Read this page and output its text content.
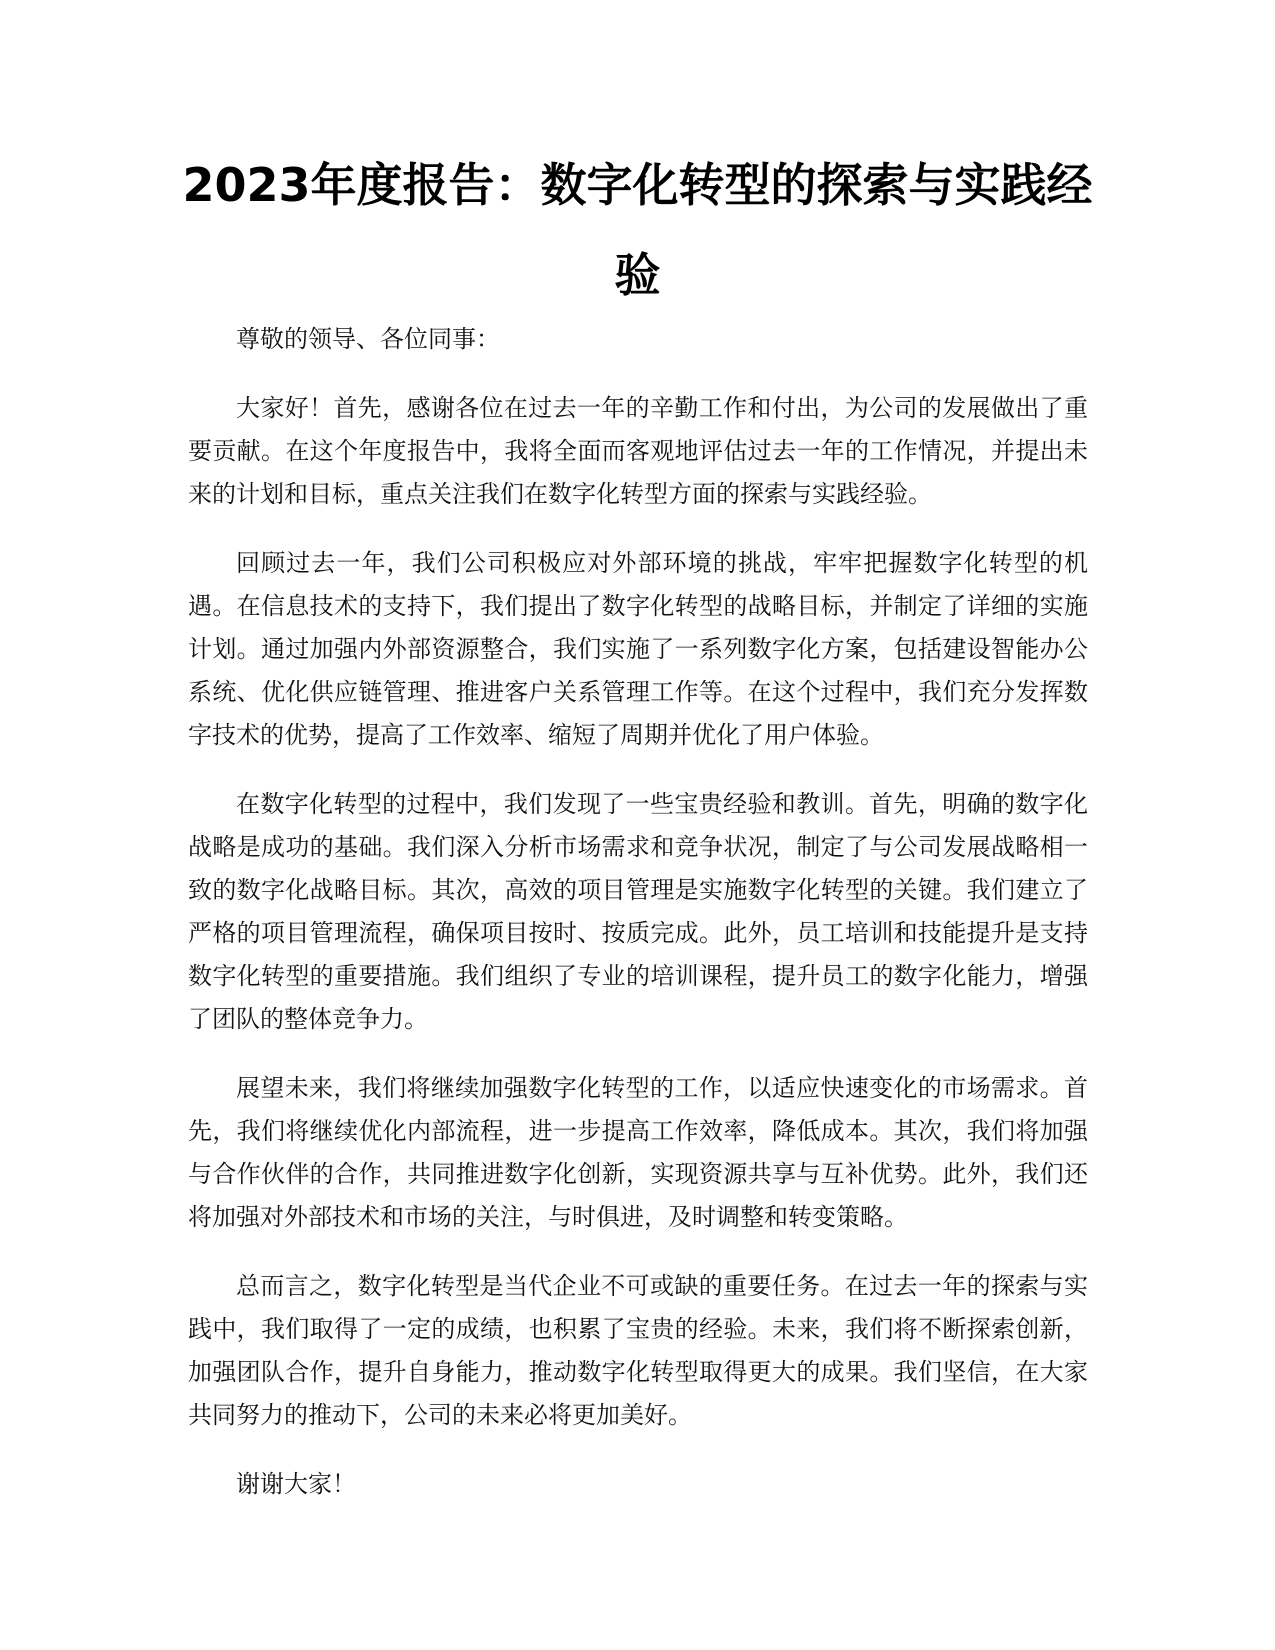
2023年度报告：数字化转型的探索与实践经验

尊敬的领导、各位同事：

大家好！首先，感谢各位在过去一年的辛勤工作和付出，为公司的发展做出了重要贡献。在这个年度报告中，我将全面而客观地评估过去一年的工作情况，并提出未来的计划和目标，重点关注我们在数字化转型方面的探索与实践经验。

回顾过去一年，我们公司积极应对外部环境的挑战，牢牢把握数字化转型的机遇。在信息技术的支持下，我们提出了数字化转型的战略目标，并制定了详细的实施计划。通过加强内外部资源整合，我们实施了一系列数字化方案，包括建设智能办公系统、优化供应链管理、推进客户关系管理工作等。在这个过程中，我们充分发挥数字技术的优势，提高了工作效率、缩短了周期并优化了用户体验。

在数字化转型的过程中，我们发现了一些宝贵经验和教训。首先，明确的数字化战略是成功的基础。我们深入分析市场需求和竞争状况，制定了与公司发展战略相一致的数字化战略目标。其次，高效的项目管理是实施数字化转型的关键。我们建立了严格的项目管理流程，确保项目按时、按质完成。此外，员工培训和技能提升是支持数字化转型的重要措施。我们组织了专业的培训课程，提升员工的数字化能力，增强了团队的整体竞争力。

展望未来，我们将继续加强数字化转型的工作，以适应快速变化的市场需求。首先，我们将继续优化内部流程，进一步提高工作效率，降低成本。其次，我们将加强与合作伙伴的合作，共同推进数字化创新，实现资源共享与互补优势。此外，我们还将加强对外部技术和市场的关注，与时俱进，及时调整和转变策略。

总而言之，数字化转型是当代企业不可或缺的重要任务。在过去一年的探索与实践中，我们取得了一定的成绩，也积累了宝贵的经验。未来，我们将不断探索创新，加强团队合作，提升自身能力，推动数字化转型取得更大的成果。我们坚信，在大家共同努力的推动下，公司的未来必将更加美好。

谢谢大家！
